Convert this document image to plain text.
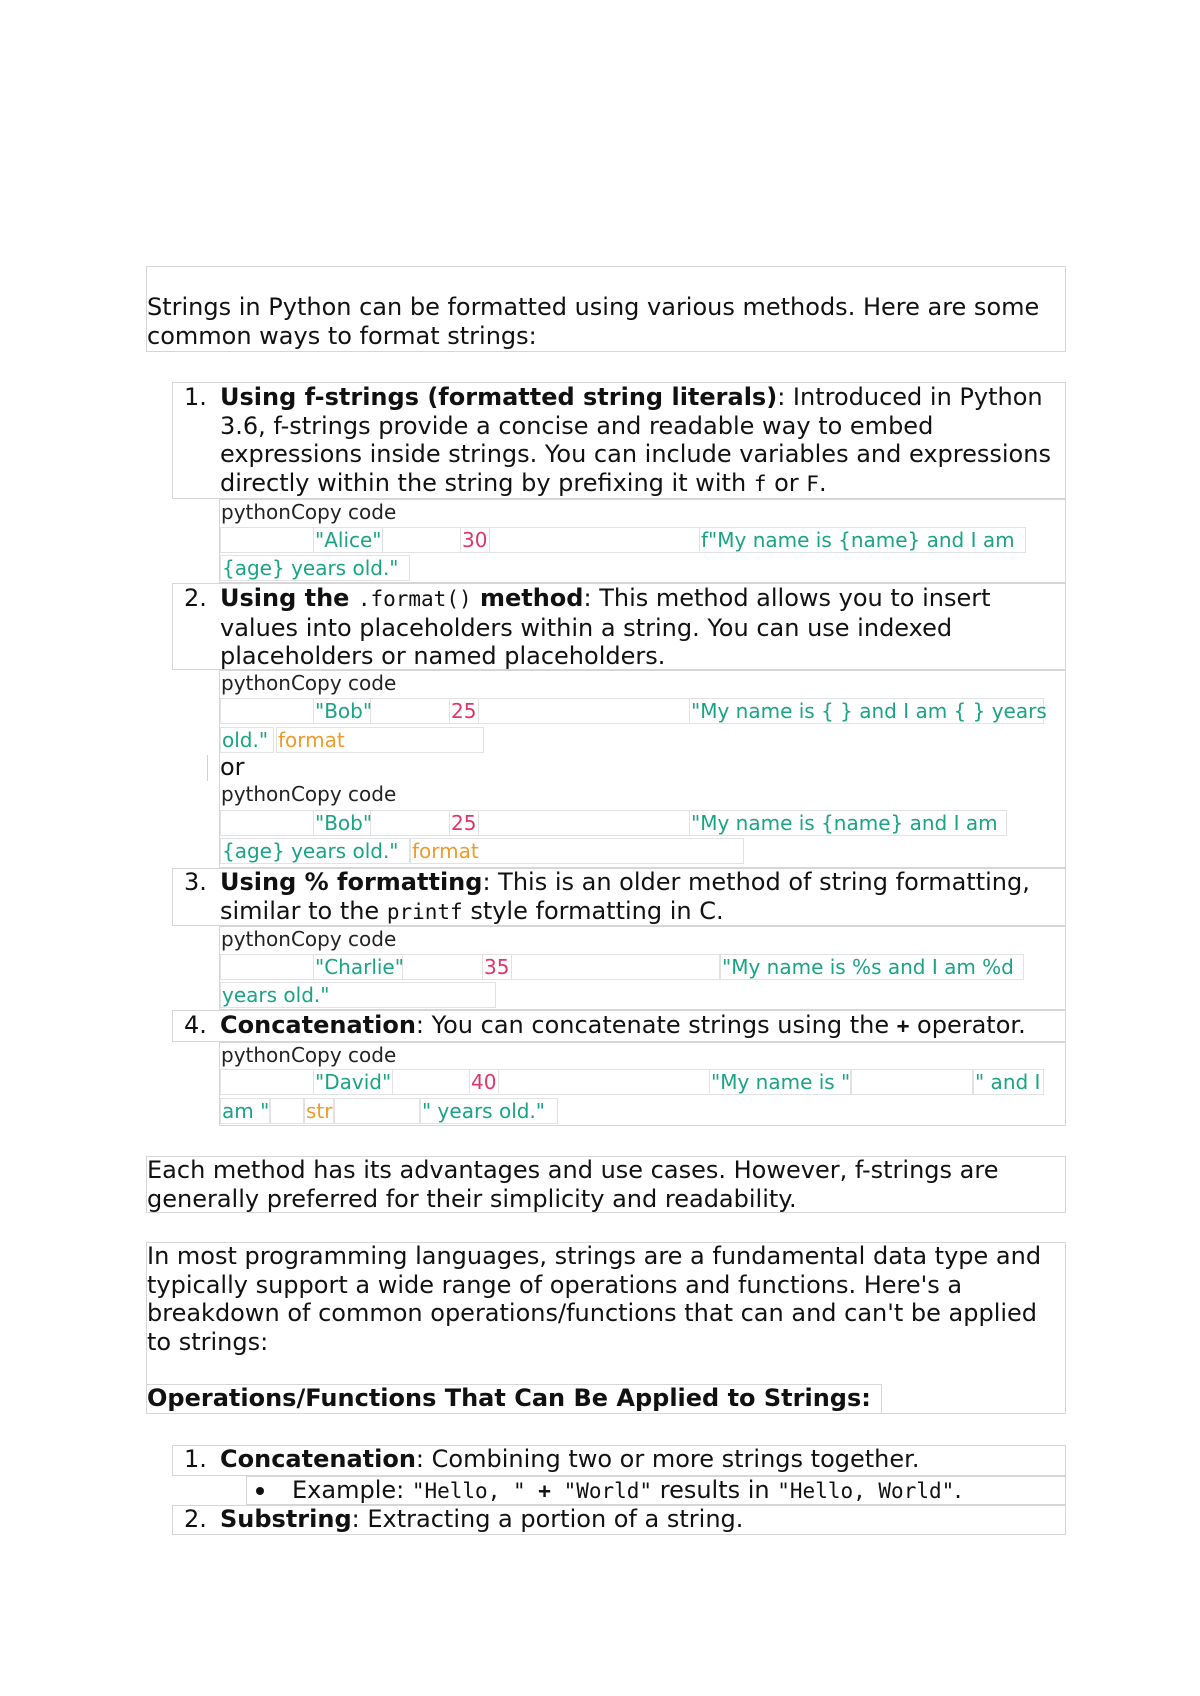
Strings in Python can be formatted using various methods. Here are some common ways to format strings:
1. Using f-strings (formatted string literals): Introduced in Python 3.6, f-strings provide a concise and readable way to embed expressions inside strings. You can include variables and expressions directly within the string by prefixing it with f or F.
pythonCopy code
"Alice"	30	f"My name is {name} and I am
{age} years old."
2. Using the .format() method: This method allows you to insert values into placeholders within a string. You can use indexed placeholders or named placeholders.
pythonCopy code
"Bob"	25	"My name is { } and I am { } years
old." format
or
pythonCopy code
"Bob"	25	"My name is {name} and I am
{age} years old." format
3. Using % formatting: This is an older method of string formatting, similar to the printf style formatting in C.
pythonCopy code
"Charlie"	35	"My name is %s and I am %d
years old."
4. Concatenation: You can concatenate strings using the + operator.
pythonCopy code
"David"	40	"My name is "	" and I
am " str	" years old."
Each method has its advantages and use cases. However, f-strings are generally preferred for their simplicity and readability.
In most programming languages, strings are a fundamental data type and typically support a wide range of operations and functions. Here's a breakdown of common operations/functions that can and can't be applied to strings:
Operations/Functions That Can Be Applied to Strings:
1. Concatenation: Combining two or more strings together.
Example: "Hello, " + "World" results in "Hello, World".
2. Substring: Extracting a portion of a string.
